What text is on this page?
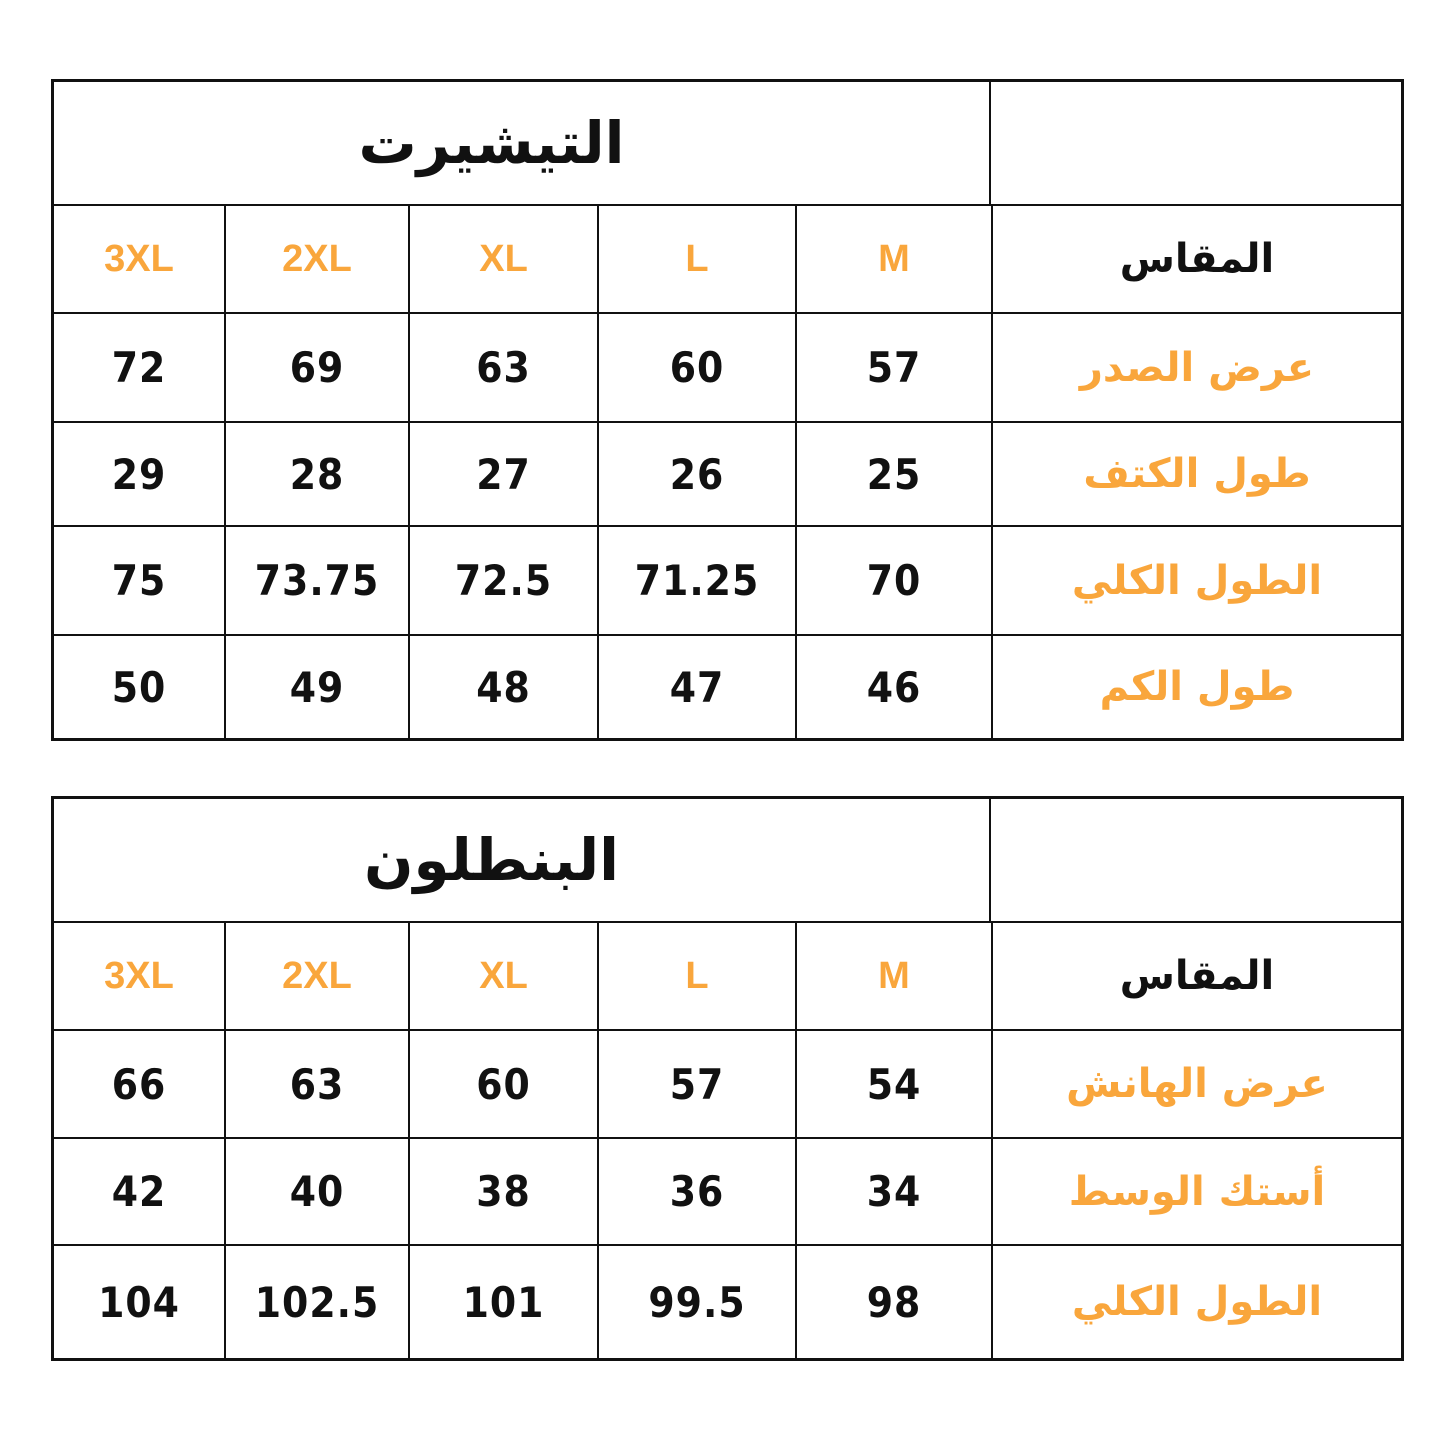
التيشيرت
3XL	2XL	XL	L	M	المقاس
72	69	63	60	57	عرض الصدر
29	28	27	26	25	طول الكتف
75 73.75 72.5 71.25	70	الطول الكلي
50	49	48	47	46	طول الكم
البنطلون
3XL	2XL	XL	L	M	المقاس
66	63	60	57	54	عرض الهانش
42	40	38	36	34	أستك الوسط
104 102.5 101 99.5	98	الطول الكلي
